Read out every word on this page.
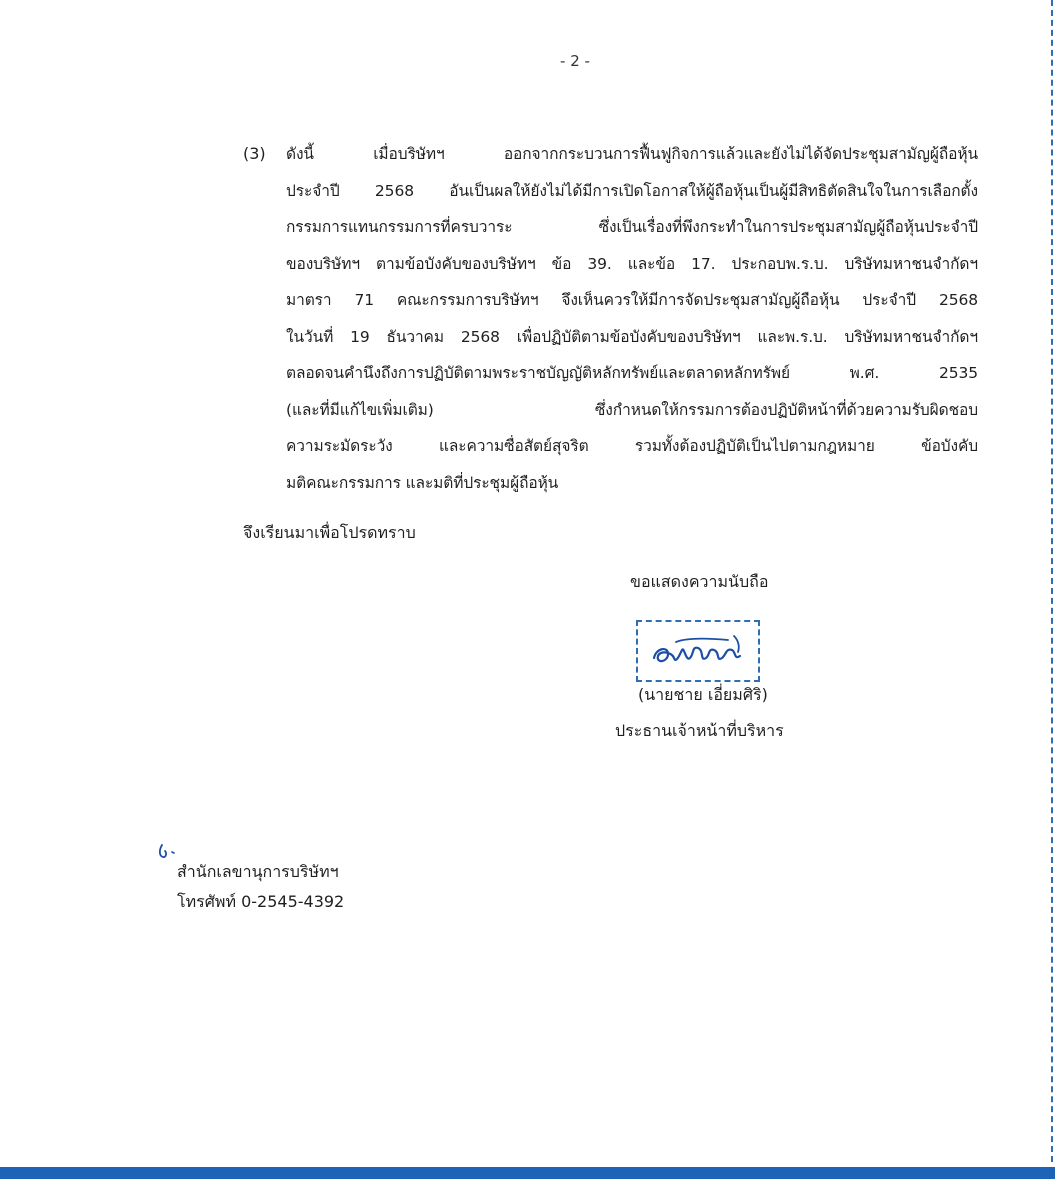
- 2 -
(3) ดังนี้ เมื่อบริษัทฯ ออกจากกระบวนการฟื้นฟูกิจการแล้วและยังไม่ได้จัดประชุมสามัญผู้ถือหุ้น
ประจำปี 2568 อันเป็นผลให้ยังไม่ได้มีการเปิดโอกาสให้ผู้ถือหุ้นเป็นผู้มีสิทธิตัดสินใจในการเลือกตั้ง
กรรมการแทนกรรมการที่ครบวาระ ซึ่งเป็นเรื่องที่พึงกระทำในการประชุมสามัญผู้ถือหุ้นประจำปี
ของบริษัทฯ ตามข้อบังคับของบริษัทฯ ข้อ 39. และข้อ 17. ประกอบพ.ร.บ. บริษัทมหาชนจำกัดฯ
มาตรา 71 คณะกรรมการบริษัทฯ จึงเห็นควรให้มีการจัดประชุมสามัญผู้ถือหุ้น ประจำปี 2568
ในวันที่ 19 ธันวาคม 2568 เพื่อปฏิบัติตามข้อบังคับของบริษัทฯ และพ.ร.บ. บริษัทมหาชนจำกัดฯ
ตลอดจนคำนึงถึงการปฏิบัติตามพระราชบัญญัติหลักทรัพย์และตลาดหลักทรัพย์ พ.ศ. 2535
(และที่มีแก้ไขเพิ่มเติม) ซึ่งกำหนดให้กรรมการต้องปฏิบัติหน้าที่ด้วยความรับผิดชอบ
ความระมัดระวัง และความซื่อสัตย์สุจริต รวมทั้งต้องปฏิบัติเป็นไปตามกฎหมาย ข้อบังคับ
มติคณะกรรมการ และมติที่ประชุมผู้ถือหุ้น
จึงเรียนมาเพื่อโปรดทราบ
ขอแสดงความนับถือ
(นายชาย เอี่ยมศิริ)
ประธานเจ้าหน้าที่บริหาร
สำนักเลขานุการบริษัทฯ
โทรศัพท์ 0-2545-4392
